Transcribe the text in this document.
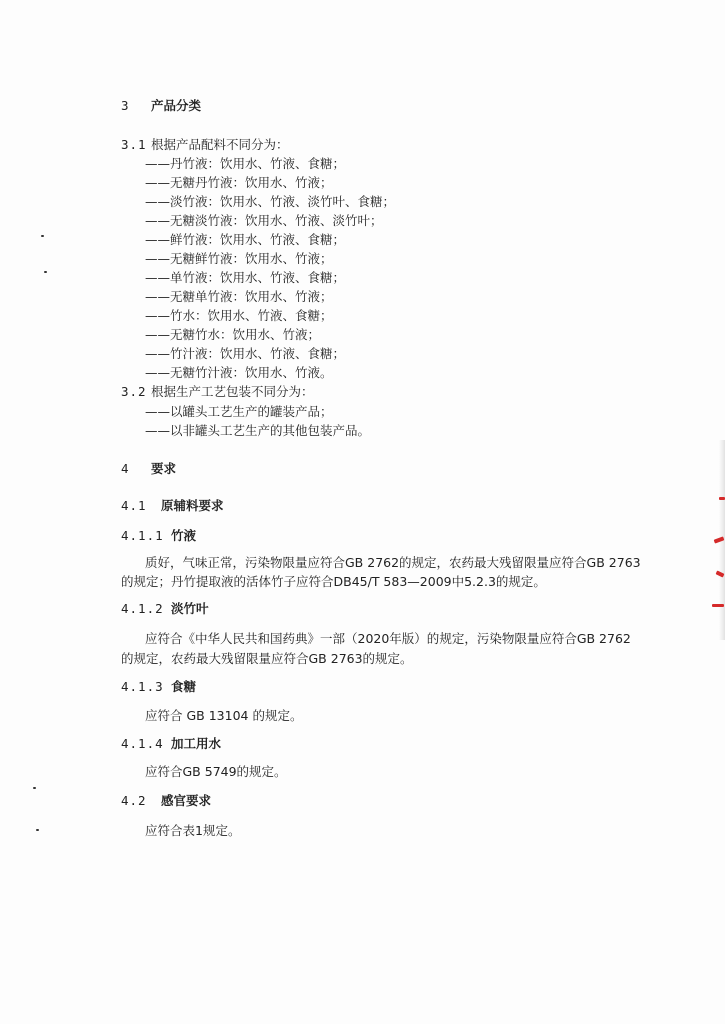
3 产品分类
3.1 根据产品配料不同分为：
——丹竹液：饮用水、竹液、食糖；
——无糖丹竹液：饮用水、竹液；
——淡竹液：饮用水、竹液、淡竹叶、食糖；
——无糖淡竹液：饮用水、竹液、淡竹叶；
——鲜竹液：饮用水、竹液、食糖；
——无糖鲜竹液：饮用水、竹液；
——单竹液：饮用水、竹液、食糖；
——无糖单竹液：饮用水、竹液；
——竹水：饮用水、竹液、食糖；
——无糖竹水：饮用水、竹液；
——竹汁液：饮用水、竹液、食糖；
——无糖竹汁液：饮用水、竹液。
3.2 根据生产工艺包装不同分为：
——以罐头工艺生产的罐装产品；
——以非罐头工艺生产的其他包装产品。
4 要求
4.1 原辅料要求
4.1.1 竹液
质好，气味正常，污染物限量应符合GB 2762的规定，农药最大残留限量应符合GB 2763
的规定；丹竹提取液的活体竹子应符合DB45/T 583—2009中5.2.3的规定。
4.1.2 淡竹叶
应符合《中华人民共和国药典》一部（2020年版）的规定，污染物限量应符合GB 2762
的规定，农药最大残留限量应符合GB 2763的规定。
4.1.3 食糖
应符合 GB 13104 的规定。
4.1.4 加工用水
应符合GB 5749的规定。
4.2 感官要求
应符合表1规定。
